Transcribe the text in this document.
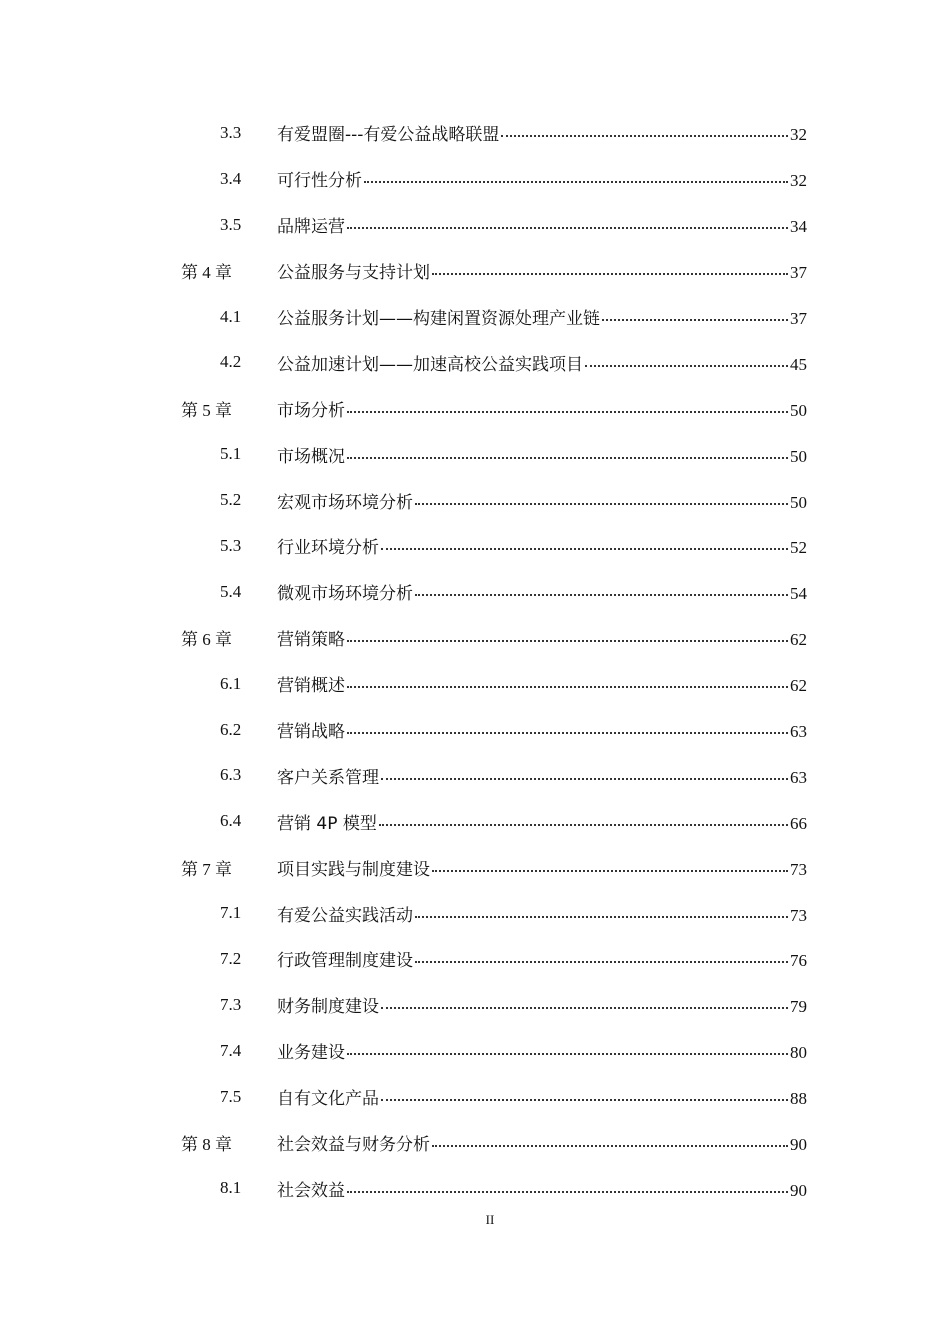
3.3	有爱盟圈---有爱公益战略联盟	32
3.4	可行性分析	32
3.5	品牌运营	34
第 4 章	公益服务与支持计划	37
4.1	公益服务计划——构建闲置资源处理产业链	37
4.2	公益加速计划——加速高校公益实践项目	45
第 5 章	市场分析	50
5.1	市场概况	50
5.2	宏观市场环境分析	50
5.3	行业环境分析	52
5.4	微观市场环境分析	54
第 6 章	营销策略	62
6.1	营销概述	62
6.2	营销战略	63
6.3	客户关系管理	63
6.4	营销 4P 模型	66
第 7 章	项目实践与制度建设	73
7.1	有爱公益实践活动	73
7.2	行政管理制度建设	76
7.3	财务制度建设	79
7.4	业务建设	80
7.5	自有文化产品	88
第 8 章	社会效益与财务分析	90
8.1	社会效益	90
II
